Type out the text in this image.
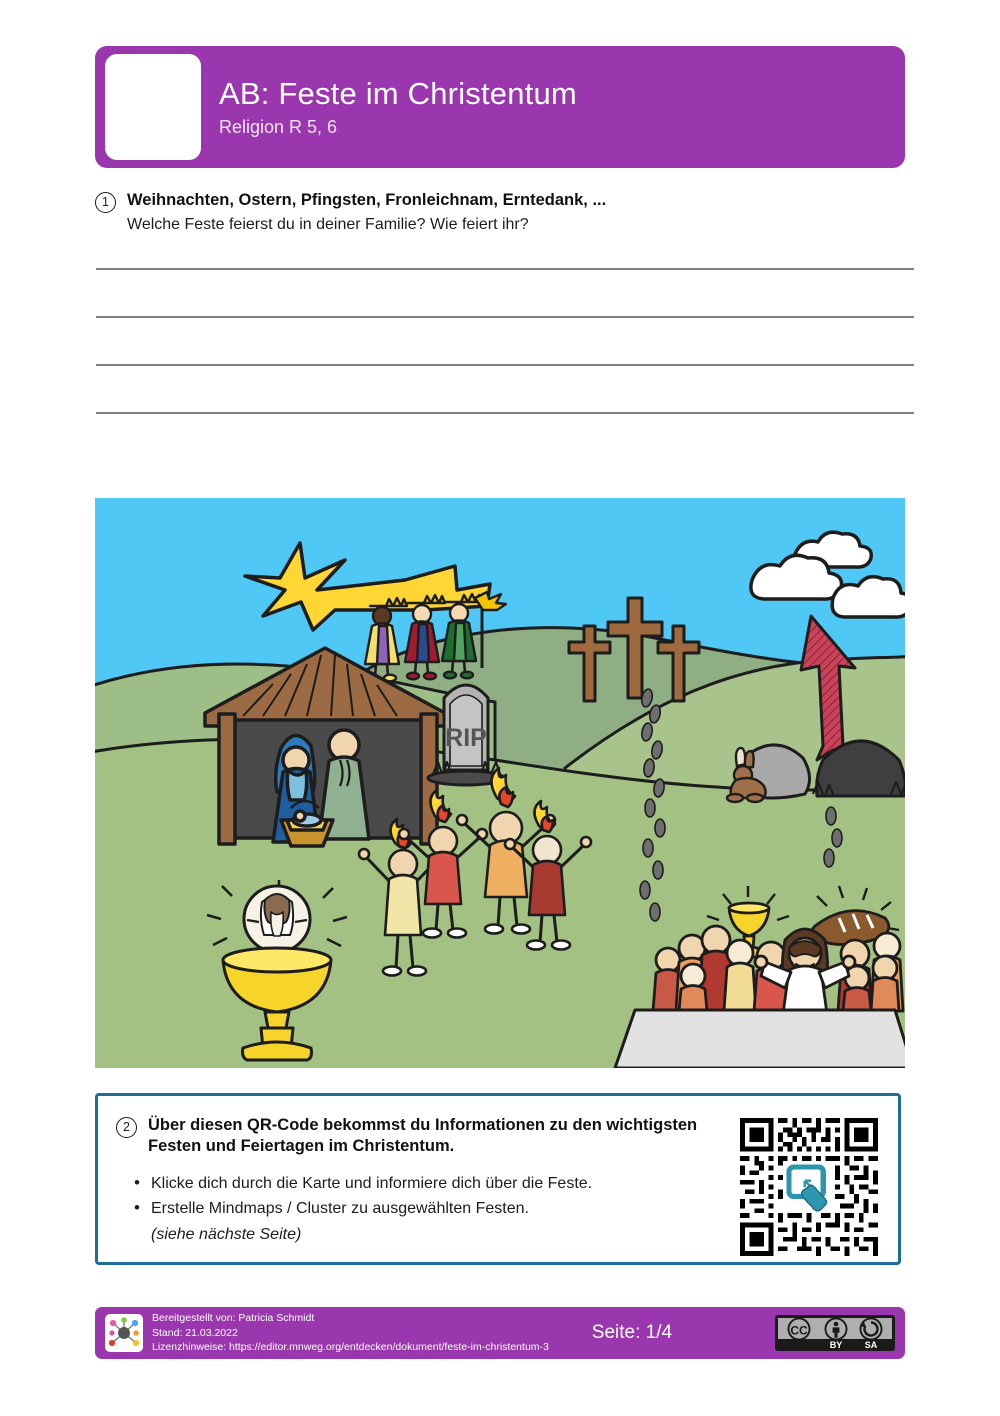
AB: Feste im Christentum
Religion R 5, 6
1	Weihnachten, Ostern, Pfingsten, Fronleichnam, Erntedank, ...
Welche Feste feierst du in deiner Familie? Wie feiert ihr?
RIP
2	Über diesen QR-Code bekommst du Informationen zu den wichtigsten Festen und Feiertagen im Christentum.
• Klicke dich durch die Karte und informiere dich über die Feste.
• Erstelle Mindmaps / Cluster zu ausgewählten Festen.
(siehe nächste Seite)
Bereitgestellt von: Patricia Schmidt
Stand: 21.03.2022
Lizenzhinweise: https://editor.mnweg.org/entdecken/dokument/feste-im-christentum-3
Seite: 1/4	CC
BY SA
